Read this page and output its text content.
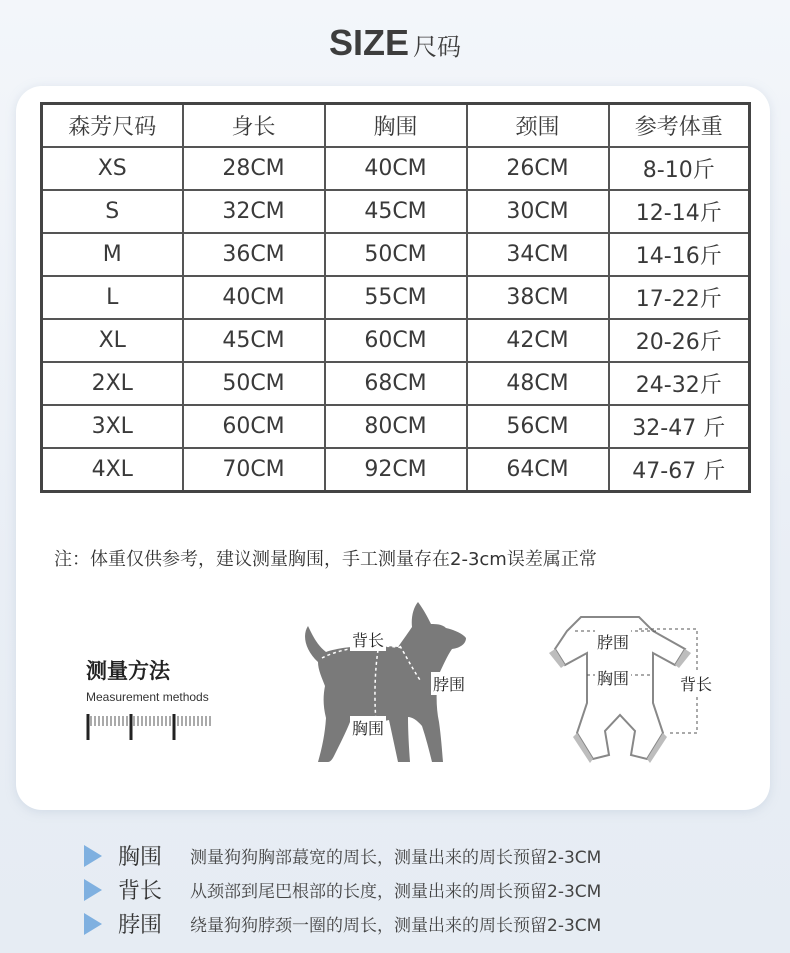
SIZE 尺码
森芳尺码	身长	胸围	颈围	参考体重
XS	28CM	40CM	26CM	8-10斤
S	32CM	45CM	30CM	12-14斤
M	36CM	50CM	34CM	14-16斤
L	40CM	55CM	38CM	17-22斤
XL	45CM	60CM	42CM	20-26斤
2XL	50CM	68CM	48CM	24-32斤
3XL	60CM	80CM	56CM	32-47 斤
4XL	70CM	92CM	64CM	47-67 斤
注：体重仅供参考，建议测量胸围，手工测量存在2-3cm误差属正常
测量方法
Measurement methods
背长
脖围
胸围
脖围
胸围	背长
胸围	测量狗狗胸部蕞宽的周长，测量出来的周长预留2-3CM
背长	从颈部到尾巴根部的长度，测量出来的周长预留2-3CM
脖围	绕量狗狗脖颈一圈的周长，测量出来的周长预留2-3CM
